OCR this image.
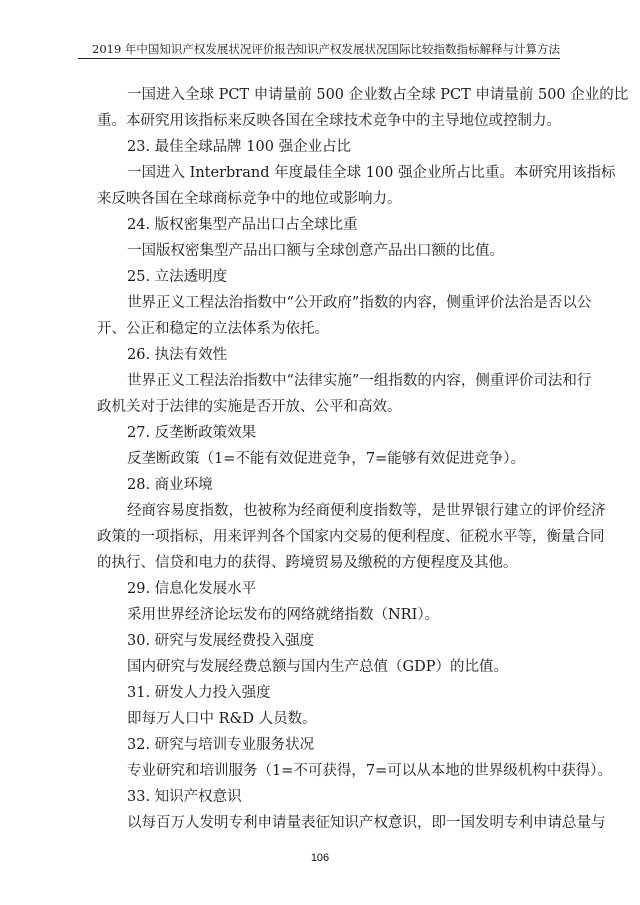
2019 年中国知识产权发展状况评价报告
知识产权发展状况国际比较指数指标解释与计算方法
一国进入全球 PCT 申请量前 500 企业数占全球 PCT 申请量前 500 企业的比
重。本研究用该指标来反映各国在全球技术竞争中的主导地位或控制力。
23. 最佳全球品牌 100 强企业占比
一国进入 Interbrand 年度最佳全球 100 强企业所占比重。本研究用该指标
来反映各国在全球商标竞争中的地位或影响力。
24. 版权密集型产品出口占全球比重
一国版权密集型产品出口额与全球创意产品出口额的比值。
25. 立法透明度
世界正义工程法治指数中“公开政府”指数的内容，侧重评价法治是否以公
开、公正和稳定的立法体系为依托。
26. 执法有效性
世界正义工程法治指数中“法律实施”一组指数的内容，侧重评价司法和行
政机关对于法律的实施是否开放、公平和高效。
27. 反垄断政策效果
反垄断政策（1=不能有效促进竞争，7=能够有效促进竞争）。
28. 商业环境
经商容易度指数，也被称为经商便利度指数等，是世界银行建立的评价经济
政策的一项指标，用来评判各个国家内交易的便利程度、征税水平等，衡量合同
的执行、信贷和电力的获得、跨境贸易及缴税的方便程度及其他。
29. 信息化发展水平
采用世界经济论坛发布的网络就绪指数（NRI）。
30. 研究与发展经费投入强度
国内研究与发展经费总额与国内生产总值（GDP）的比值。
31. 研发人力投入强度
即每万人口中 R&D 人员数。
32. 研究与培训专业服务状况
专业研究和培训服务（1=不可获得，7=可以从本地的世界级机构中获得）。
33. 知识产权意识
以每百万人发明专利申请量表征知识产权意识，即一国发明专利申请总量与
106
